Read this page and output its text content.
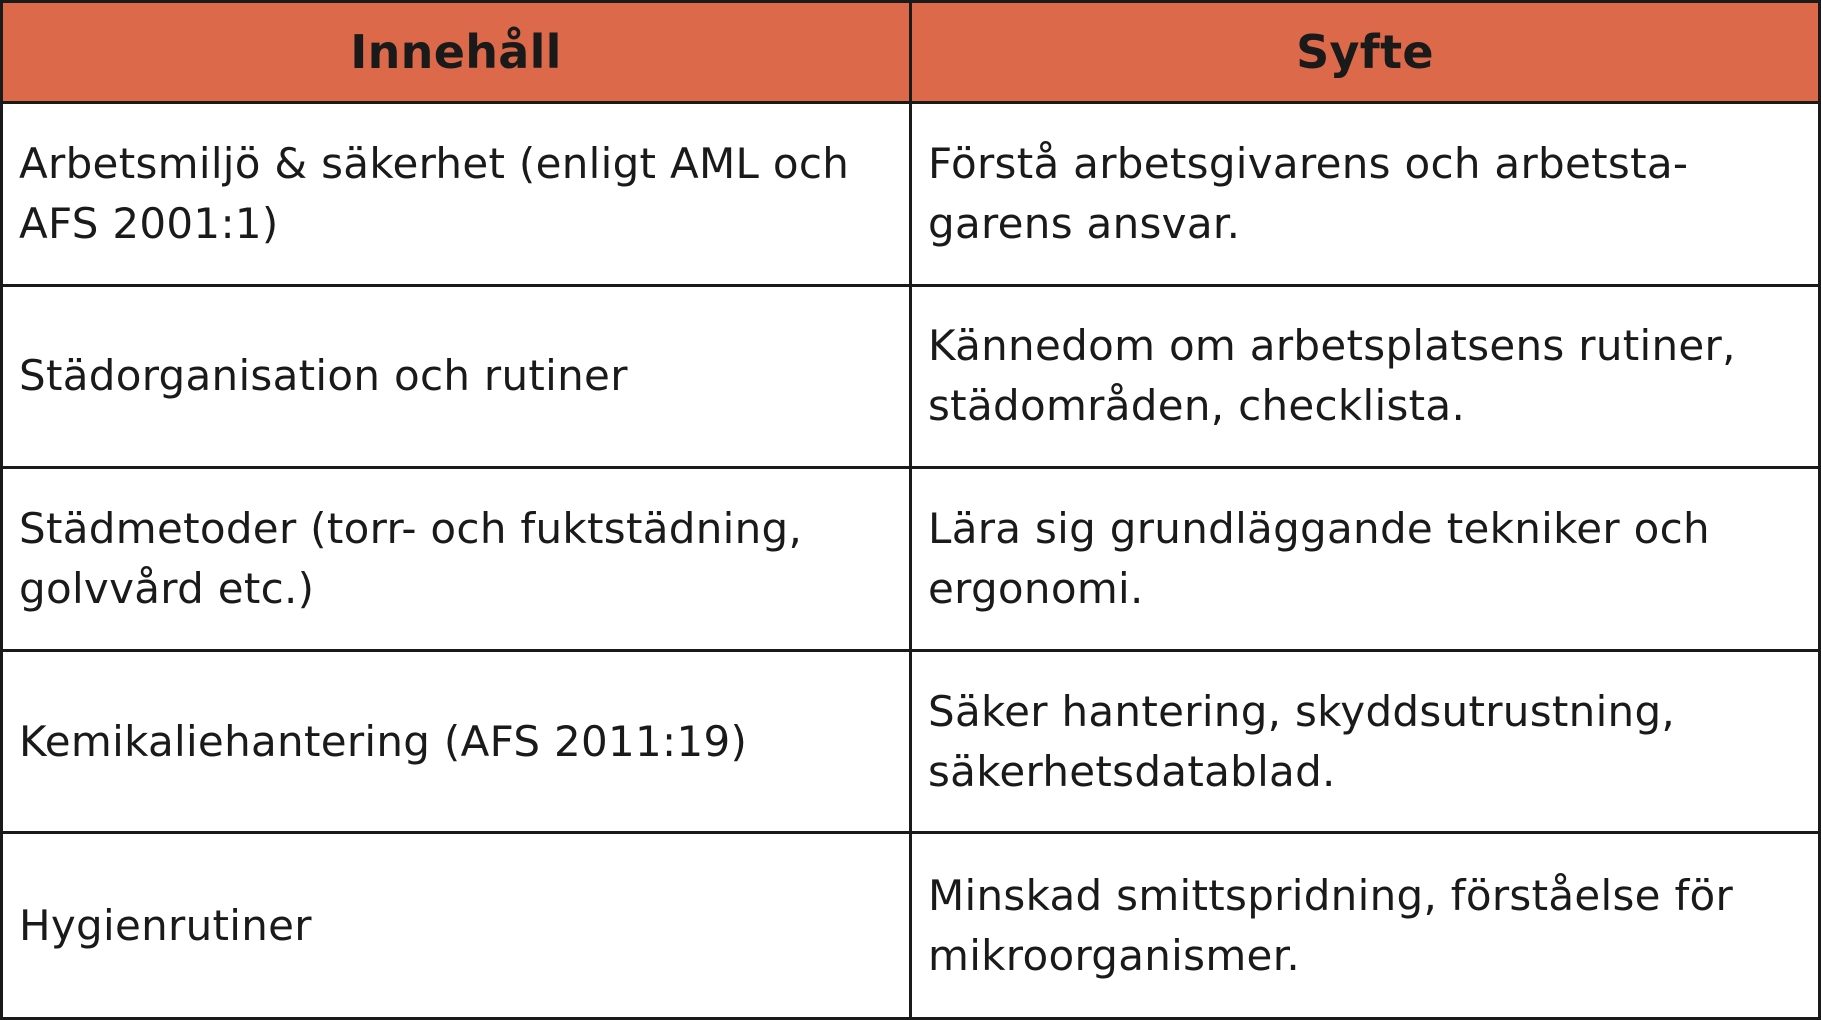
Innehåll	Syfte
Arbetsmiljö & säkerhet (enligt AML och AFS 2001:1)
Förstå arbetsgivarens och arbetsta- garens ansvar.
Städorganisation och rutiner
Kännedom om arbetsplatsens rutiner, städområden, checklista.
Städmetoder (torr- och fuktstädning, golvvård etc.)
Lära sig grundläggande tekniker och ergonomi.
Kemikaliehantering (AFS 2011:19)
Säker hantering, skyddsutrustning, säkerhetsdatablad.
Hygienrutiner
Minskad smittspridning, förståelse för mikroorganismer.
